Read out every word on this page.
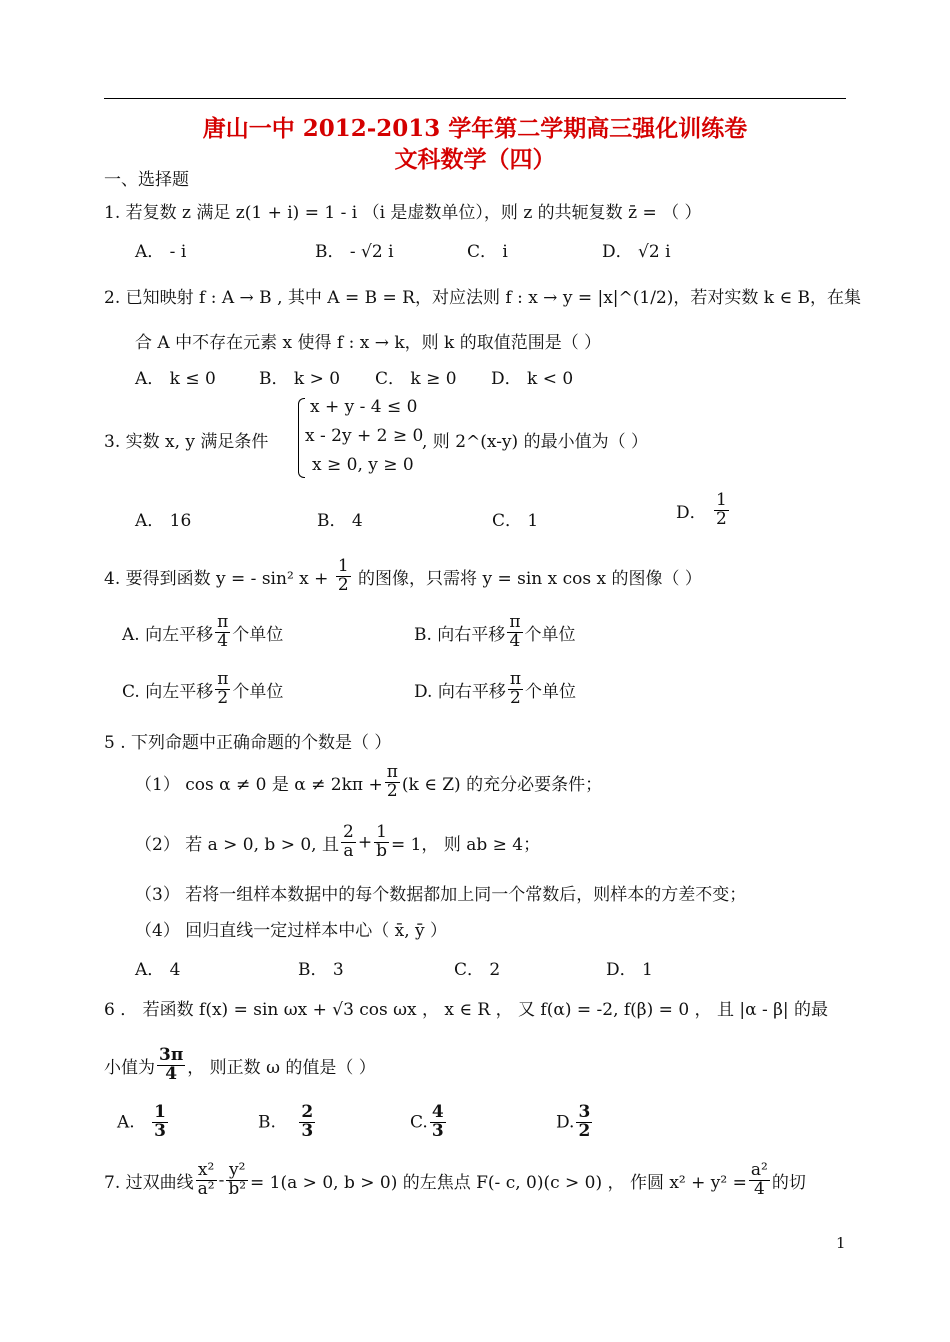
唐山一中 2012-2013 学年第二学期高三强化训练卷
文科数学（四）
一、选择题
1. 若复数 z 满足 z(1 + i) = 1 - i （i 是虚数单位），则 z 的共轭复数 z̄ = （ ）
A． - i	B． - √2 i	C． i	D． √2 i
2. 已知映射 f : A → B , 其中 A = B = R，对应法则 f : x → y = |x|^(1/2)，若对实数 k ∈ B，在集
合 A 中不存在元素 x 使得 f : x → k，则 k 的取值范围是（ ）
A． k ≤ 0	B． k > 0 C． k ≥ 0 D． k < 0
3. 实数 x, y 满足条件
x + y - 4 ≤ 0
x - 2y + 2 ≥ 0
x ≥ 0, y ≥ 0
, 则 2^(x-y) 的最小值为（ ）
A． 16	B． 4	C． 1	D． $\frac{1}{2}$
4. 要得到函数 y = - sin² $x + \frac{1}{2}$ 的图像，只需将 y = sin x cos x 的图像（ ）
A. 向左平移 $\frac{\pi}{4}$ 个单位	B. 向右平移 $\frac{\pi}{4}$ 个单位
C. 向左平移 $\frac{\pi}{2}$ 个单位	D. 向右平移 $\frac{\pi}{2}$ 个单位
5 . 下列命题中正确命题的个数是（ ）
（1） cos α ≠ 0 是 $\alpha \ne 2k\pi + \frac{\pi}{2} (k$ ∈ Z) 的充分必要条件；
（2） 若 a > 0, b > 0, 且 $\frac{2}{a} + \frac{1}{b} = 1$， 则 ab ≥ 4；
（3） 若将一组样本数据中的每个数据都加上同一个常数后，则样本的方差不变；
（4） 回归直线一定过样本中心（ x̄, ȳ ）
A． 4	B． 3	C． 2	D． 1
6 ． 若函数 f(x) = sin ωx + √3 cos ωx ， x ∈ R ， 又 f(α) = -2, f(β) = 0 ， 且 |α - β| 的最
小值为 $\frac{3\pi}{4}$ ， 则正数 ω 的值是（ ）
A. $\frac{1}{3}$	B. $\frac{2}{3}$	C. $\frac{4}{3}$	D. $\frac{3}{2}$
7. 过双曲线 $\frac{\text{x²}}{\text{a²}} - \frac{\text{y²}}{\text{b²}} = 1(a > 0$, b > 0) 的左焦点 F(- c, 0)(c > 0) ， 作圆 $x^2 + y^2 = \frac{\text{a²}}{4}$ 的切
1
